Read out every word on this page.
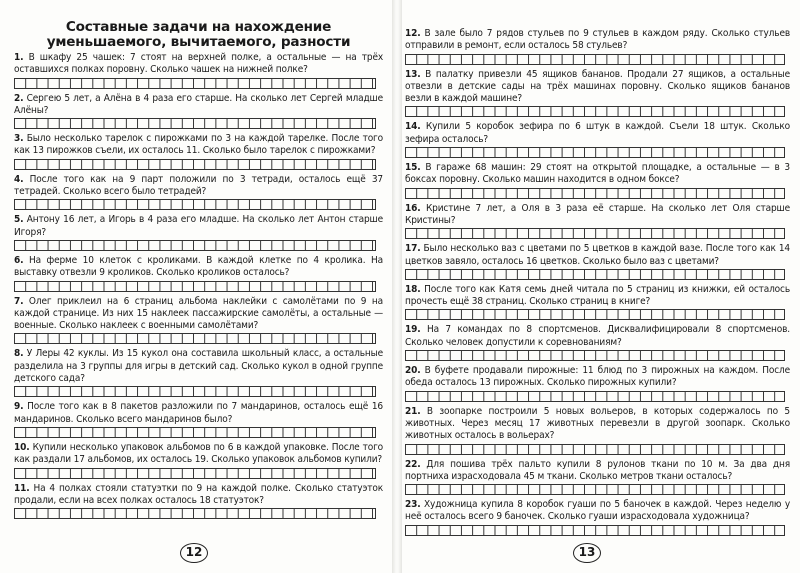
Составные задачи на нахождение уменьшаемого, вычитаемого, разности
1. В шкафу 25 чашек: 7 стоят на верхней полке, а остальные — на трёх оставшихся полках поровну. Сколько чашек на нижней полке?
2. Сергею 5 лет, а Алёна в 4 раза его старше. На сколько лет Сергей младше Алёны?
3. Было несколько тарелок с пирожками по 3 на каждой тарелке. После того как 13 пирожков съели, их осталось 11. Сколько было тарелок с пирожками?
4. После того как на 9 парт положили по 3 тетради, осталось ещё 37 тетрадей. Сколько всего было тетрадей?
5. Антону 16 лет, а Игорь в 4 раза его младше. На сколько лет Антон старше Игоря?
6. На ферме 10 клеток с кроликами. В каждой клетке по 4 кролика. На выставку отвезли 9 кроликов. Сколько кроликов осталось?
7. Олег приклеил на 6 страниц альбома наклейки с самолётами по 9 на каждой странице. Из них 15 наклеек пассажирские самолёты, а остальные — военные. Сколько наклеек с военными самолётами?
8. У Леры 42 куклы. Из 15 кукол она составила школьный класс, а остальные разделила на 3 группы для игры в детский сад. Сколько кукол в одной группе детского сада?
9. После того как в 8 пакетов разложили по 7 мандаринов, осталось ещё 16 мандаринов. Сколько всего мандаринов было?
10. Купили несколько упаковок альбомов по 6 в каждой упаковке. После того как раздали 17 альбомов, их осталось 19. Сколько упаковок альбомов купили?
11. На 4 полках стояли статуэтки по 9 на каждой полке. Сколько статуэток продали, если на всех полках осталось 18 статуэток?
12
12. В зале было 7 рядов стульев по 9 стульев в каждом ряду. Сколько стульев отправили в ремонт, если осталось 58 стульев?
13. В палатку привезли 45 ящиков бананов. Продали 27 ящиков, а остальные отвезли в детские сады на трёх машинах поровну. Сколько ящиков бананов везли в каждой машине?
14. Купили 5 коробок зефира по 6 штук в каждой. Съели 18 штук. Сколько зефира осталось?
15. В гараже 68 машин: 29 стоят на открытой площадке, а остальные — в 3 боксах поровну. Сколько машин находится в одном боксе?
16. Кристине 7 лет, а Оля в 3 раза её старше. На сколько лет Оля старше Кристины?
17. Было несколько ваз с цветами по 5 цветков в каждой вазе. После того как 14 цветков завяло, осталось 16 цветков. Сколько было ваз с цветами?
18. После того как Катя семь дней читала по 5 страниц из книжки, ей осталось прочесть ещё 38 страниц. Сколько страниц в книге?
19. На 7 командах по 8 спортсменов. Дисквалифицировали 8 спортсменов. Сколько человек допустили к соревнованиям?
20. В буфете продавали пирожные: 11 блюд по 3 пирожных на каждом. После обеда осталось 13 пирожных. Сколько пирожных купили?
21. В зоопарке построили 5 новых вольеров, в которых содержалось по 5 животных. Через месяц 17 животных перевезли в другой зоопарк. Сколько животных осталось в вольерах?
22. Для пошива трёх пальто купили 8 рулонов ткани по 10 м. За два дня портниха израсходовала 45 м ткани. Сколько метров ткани осталось?
23. Художница купила 8 коробок гуаши по 5 баночек в каждой. Через неделю у неё осталось всего 9 баночек. Сколько гуаши израсходовала художница?
13
